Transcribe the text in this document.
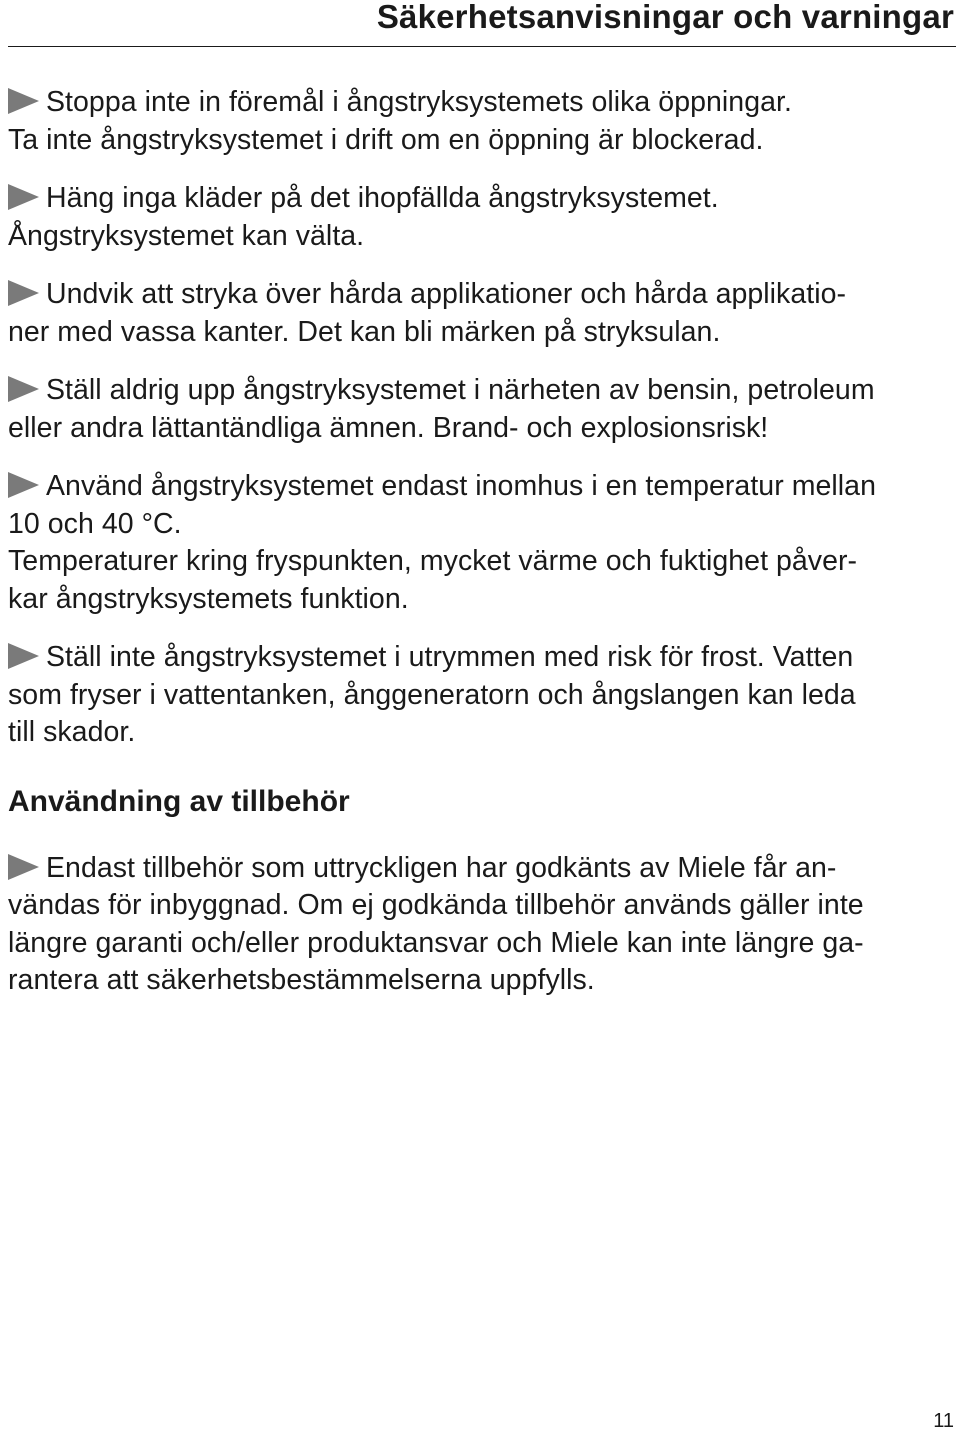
Säkerhetsanvisningar och varningar

Stoppa inte in föremål i ångstryksystemets olika öppningar.
Ta inte ångstryksystemet i drift om en öppning är blockerad.

Häng inga kläder på det ihopfällda ångstryksystemet.
Ångstryksystemet kan välta.

Undvik att stryka över hårda applikationer och hårda applikatio-
ner med vassa kanter. Det kan bli märken på stryksulan.

Ställ aldrig upp ångstryksystemet i närheten av bensin, petroleum
eller andra lättantändliga ämnen. Brand- och explosionsrisk!

Använd ångstryksystemet endast inomhus i en temperatur mellan
10 och 40 °C.

Temperaturer kring fryspunkten, mycket värme och fuktighet påver-
kar ångstryksystemets funktion.

Ställ inte ångstryksystemet i utrymmen med risk för frost. Vatten
som fryser i vattentanken, ånggeneratorn och ångslangen kan leda
till skador.

Användning av tillbehör

Endast tillbehör som uttryckligen har godkänts av Miele får an-
vändas för inbyggnad. Om ej godkända tillbehör används gäller inte
längre garanti och/eller produktansvar och Miele kan inte längre ga-
rantera att säkerhetsbestämmelserna uppfylls.

11
